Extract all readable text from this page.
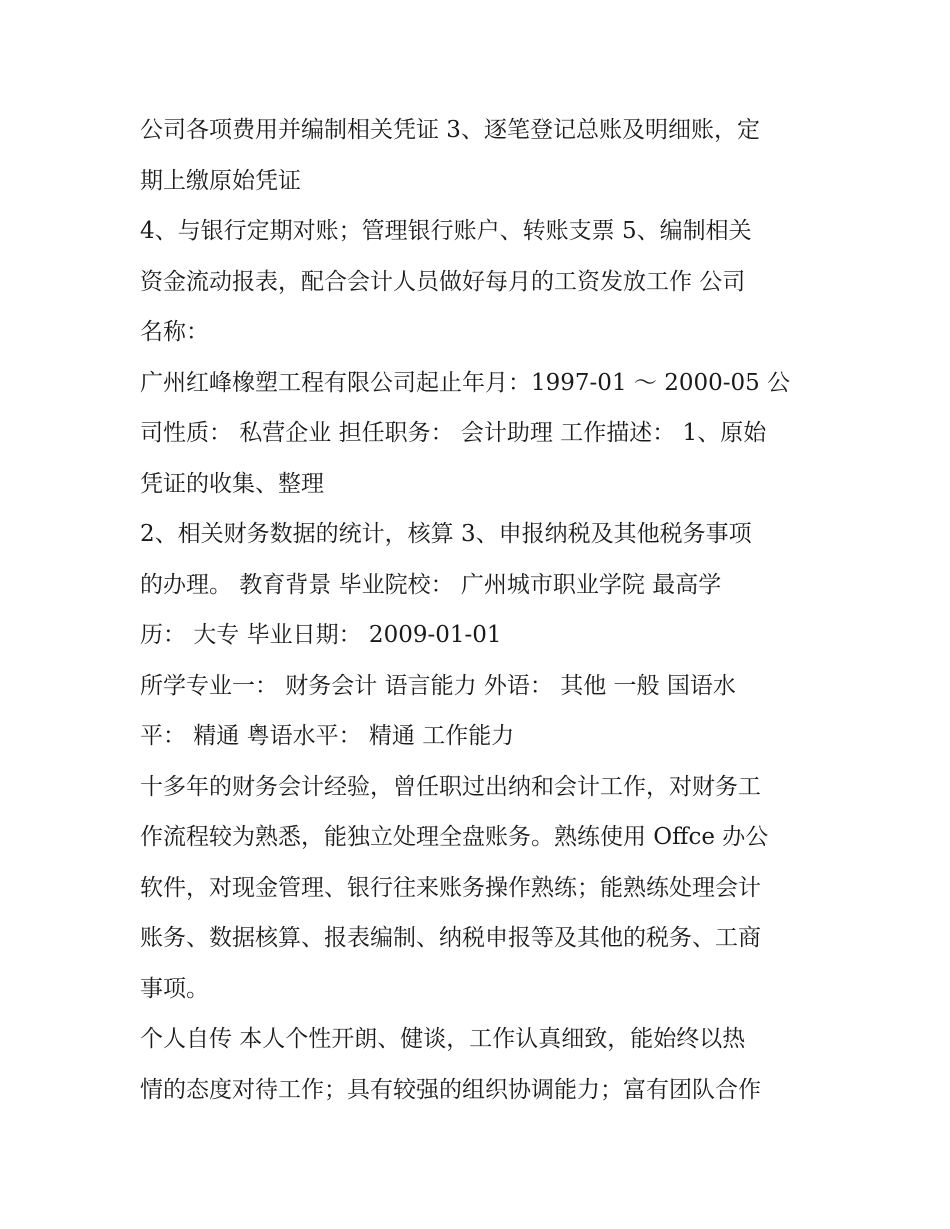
公司各项费用并编制相关凭证 3、逐笔登记总账及明细账，定
期上缴原始凭证
4、与银行定期对账；管理银行账户、转账支票 5、编制相关
资金流动报表，配合会计人员做好每月的工资发放工作 公司
名称：
广州红峰橡塑工程有限公司起止年月：1997-01 ～ 2000-05 公
司性质： 私营企业 担任职务： 会计助理 工作描述： 1、原始
凭证的收集、整理
2、相关财务数据的统计，核算 3、申报纳税及其他税务事项
的办理。 教育背景 毕业院校： 广州城市职业学院 最高学
历： 大专 毕业日期： 2009-01-01
所学专业一： 财务会计 语言能力 外语： 其他 一般 国语水
平： 精通 粤语水平： 精通 工作能力
十多年的财务会计经验，曾任职过出纳和会计工作，对财务工
作流程较为熟悉，能独立处理全盘账务。熟练使用 Offce 办公
软件，对现金管理、银行往来账务操作熟练；能熟练处理会计
账务、数据核算、报表编制、纳税申报等及其他的税务、工商
事项。
个人自传 本人个性开朗、健谈，工作认真细致，能始终以热
情的态度对待工作；具有较强的组织协调能力；富有团队合作
